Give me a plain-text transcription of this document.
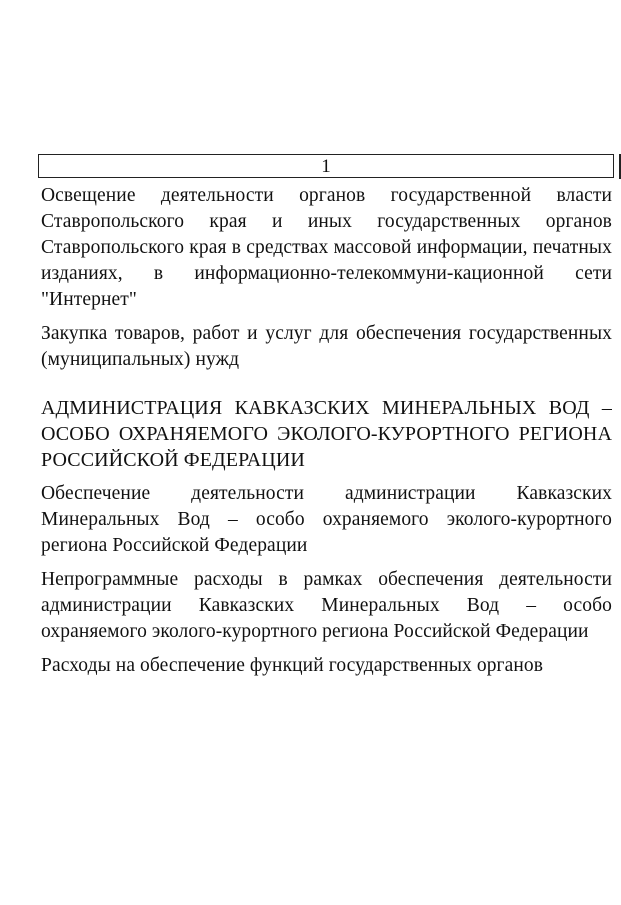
1

Освещение деятельности органов государственной власти Ставропольского края и иных государственных органов Ставропольского края в средствах массовой информации, печатных изданиях, в информационно-телекоммуни-кационной сети "Интернет"

Закупка товаров, работ и услуг для обеспечения государственных (муниципальных) нужд

АДМИНИСТРАЦИЯ КАВКАЗСКИХ МИНЕРАЛЬНЫХ ВОД – ОСОБО ОХРАНЯЕМОГО ЭКОЛОГО-КУРОРТНОГО РЕГИОНА РОССИЙСКОЙ ФЕДЕРАЦИИ

Обеспечение деятельности администрации Кавказских Минеральных Вод – особо охраняемого эколого-курортного региона Российской Федерации

Непрограммные расходы в рамках обеспечения деятельности администрации Кавказских Минеральных Вод – особо охраняемого эколого-курортного региона Российской Федерации

Расходы на обеспечение функций государственных органов
